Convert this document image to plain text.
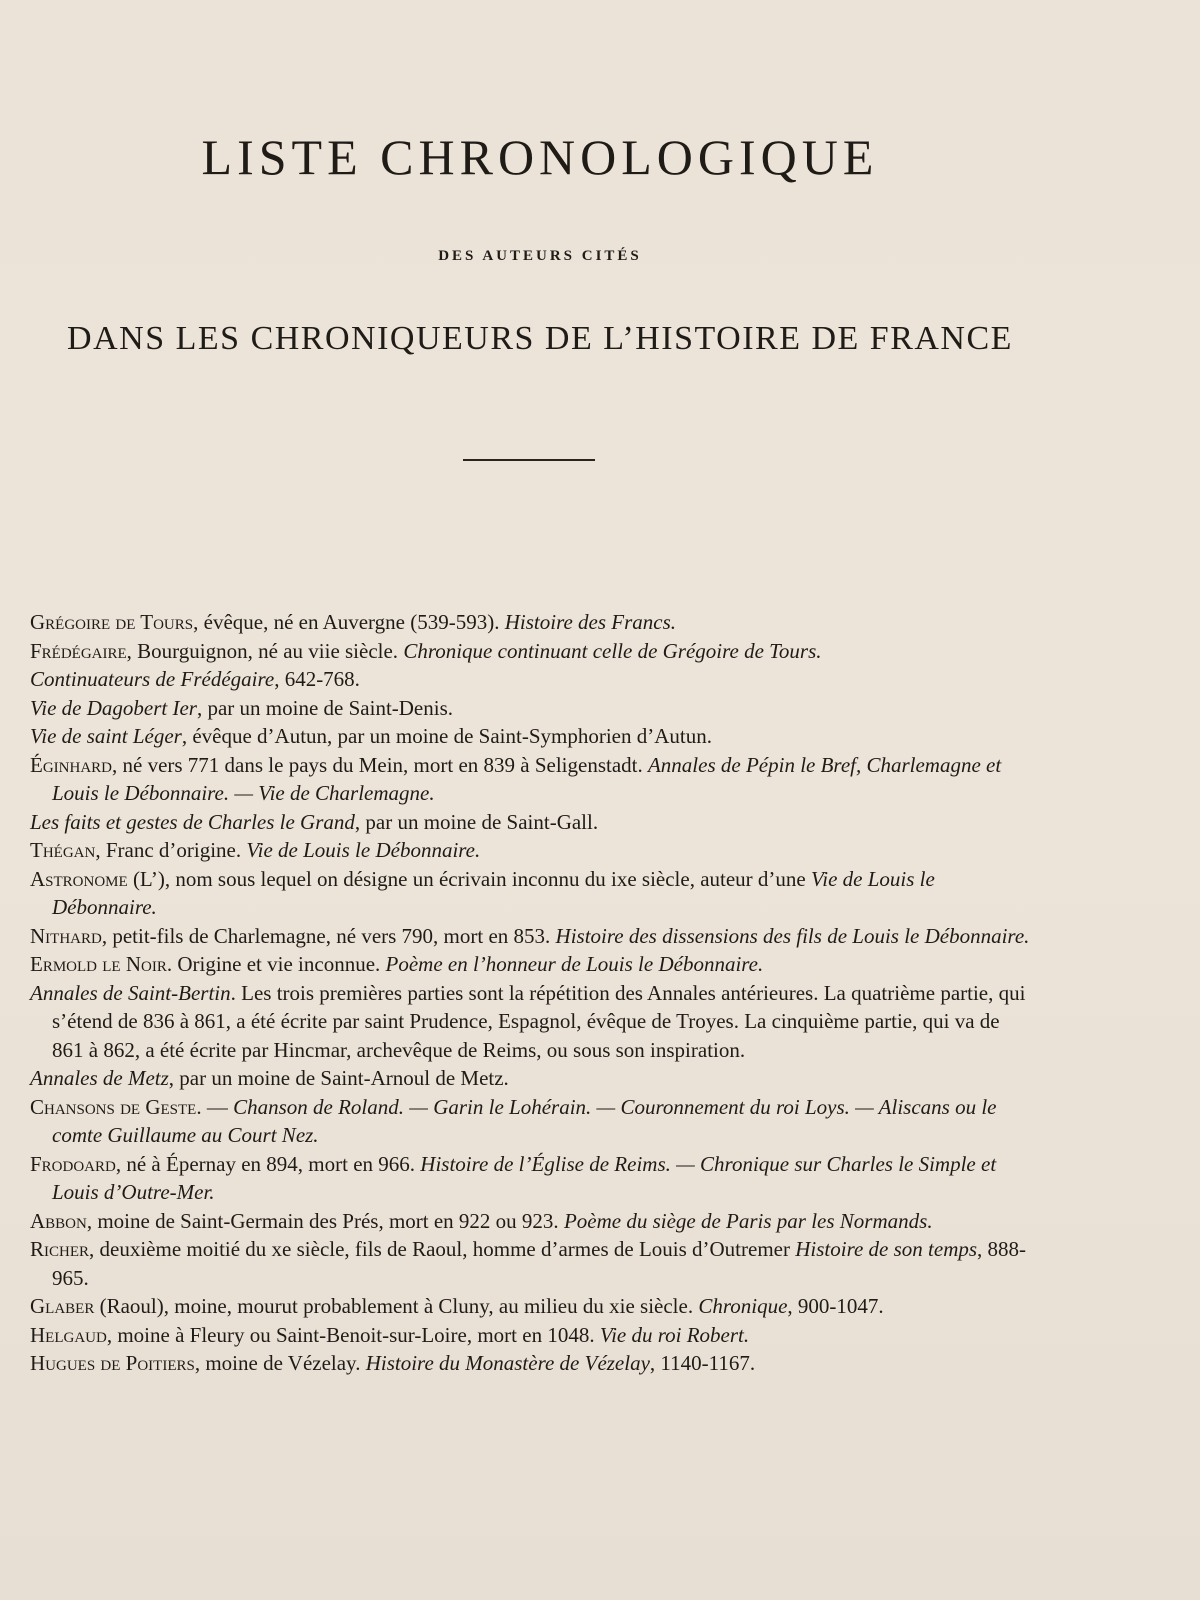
LISTE CHRONOLOGIQUE
DES AUTEURS CITÉS
DANS LES CHRONIQUEURS DE L’HISTOIRE DE FRANCE

Grégoire de Tours, évêque, né en Auvergne (539-593). Histoire des Francs.

Frédégaire, Bourguignon, né au viie siècle. Chronique continuant celle de Grégoire de Tours.

Continuateurs de Frédégaire, 642-768.

Vie de Dagobert Ier, par un moine de Saint-Denis.

Vie de saint Léger, évêque d’Autun, par un moine de Saint-Symphorien d’Autun.

Éginhard, né vers 771 dans le pays du Mein, mort en 839 à Seligenstadt. Annales de Pépin le Bref, Charlemagne et Louis le Débonnaire. — Vie de Charlemagne.

Les faits et gestes de Charles le Grand, par un moine de Saint-Gall.

Thégan, Franc d’origine. Vie de Louis le Débonnaire.

Astronome (L’), nom sous lequel on désigne un écrivain inconnu du ixe siècle, auteur d’une Vie de Louis le Débonnaire.

Nithard, petit-fils de Charlemagne, né vers 790, mort en 853. Histoire des dissensions des fils de Louis le Débonnaire.

Ermold le Noir. Origine et vie inconnue. Poème en l’honneur de Louis le Débonnaire.

Annales de Saint-Bertin. Les trois premières parties sont la répétition des Annales antérieures. La quatrième partie, qui s’étend de 836 à 861, a été écrite par saint Prudence, Espagnol, évêque de Troyes. La cinquième partie, qui va de 861 à 862, a été écrite par Hincmar, archevêque de Reims, ou sous son inspiration.

Annales de Metz, par un moine de Saint-Arnoul de Metz.

Chansons de Geste. — Chanson de Roland. — Garin le Lohérain. — Couronnement du roi Loys. — Aliscans ou le comte Guillaume au Court Nez.

Frodoard, né à Épernay en 894, mort en 966. Histoire de l’Église de Reims. — Chronique sur Charles le Simple et Louis d’Outre-Mer.

Abbon, moine de Saint-Germain des Prés, mort en 922 ou 923. Poème du siège de Paris par les Normands.

Richer, deuxième moitié du xe siècle, fils de Raoul, homme d’armes de Louis d’Outremer Histoire de son temps, 888-965.

Glaber (Raoul), moine, mourut probablement à Cluny, au milieu du xie siècle. Chronique, 900-1047.

Helgaud, moine à Fleury ou Saint-Benoit-sur-Loire, mort en 1048. Vie du roi Robert.

Hugues de Poitiers, moine de Vézelay. Histoire du Monastère de Vézelay, 1140-1167.
